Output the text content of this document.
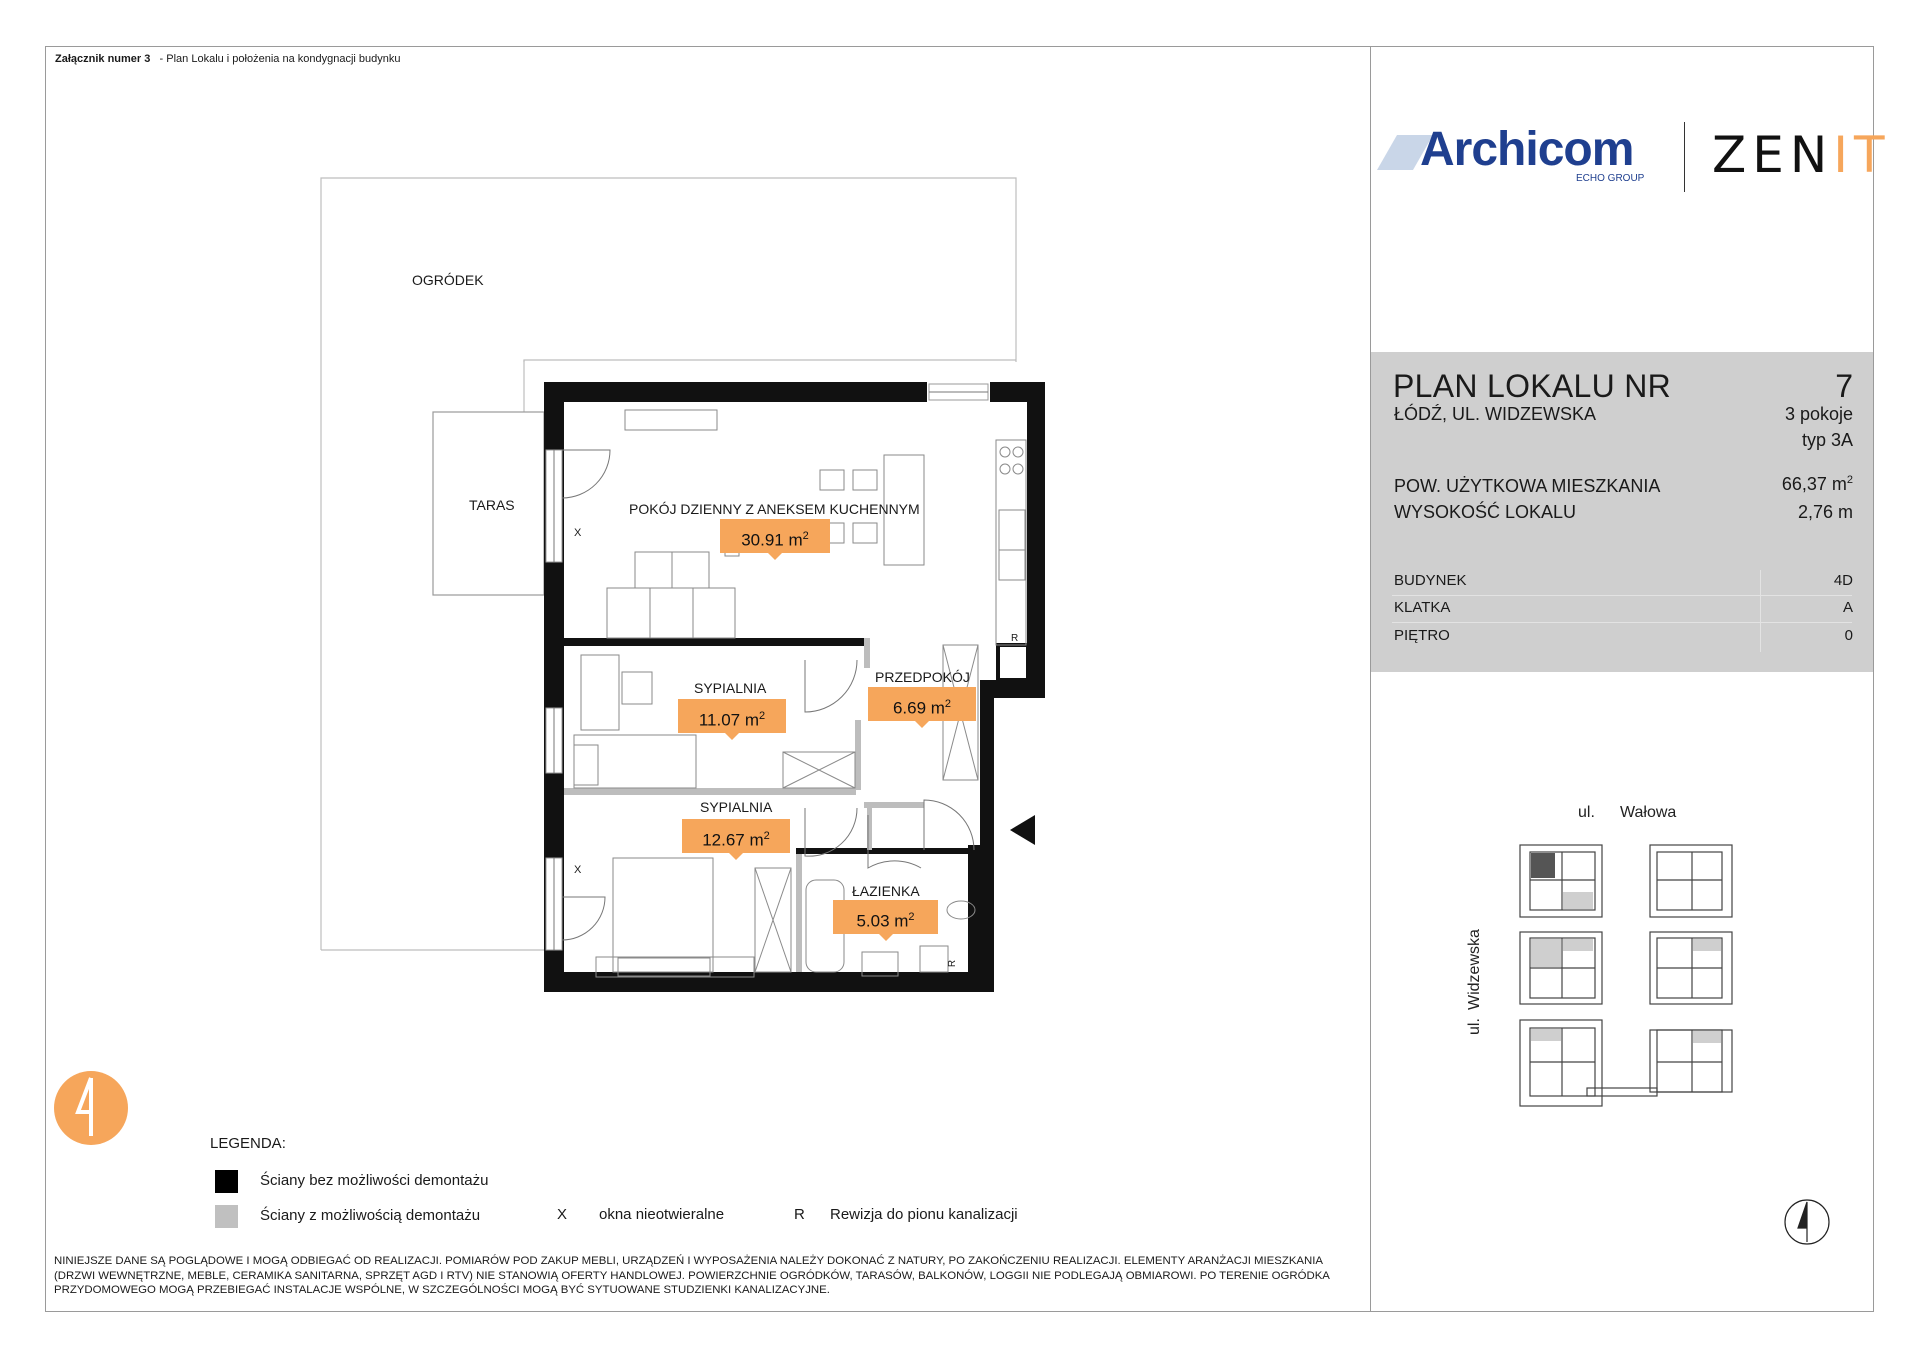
Załącznik numer 3 - Plan Lokalu i położenia na kondygnacji budynku
OGRÓDEK
TARAS	POKÓJ DZIENNY Z ANEKSEM KUCHENNYM
30.91 $m^2$
SYPIALNIA
11.07 $m^2$
PRZEDPOKÓJ
6.69 $m^2$
SYPIALNIA
12.67 $m^2$
ŁAZIENKA
5.03 $m^2$
X
X
R
R
LEGENDA:
Ściany bez możliwości demontażu
Ściany z możliwością demontażu	X okna nieotwieralne	R Rewizja do pionu kanalizacji
NINIEJSZE DANE SĄ POGLĄDOWE I MOGĄ ODBIEGAĆ OD REALIZACJI. POMIARÓW POD ZAKUP MEBLI, URZĄDZEŃ I WYPOSAŻENIA NALEŻY DOKONAĆ Z NATURY, PO ZAKOŃCZENIU REALIZACJI. ELEMENTY ARANŻACJI MIESZKANIA (DRZWI WEWNĘTRZNE, MEBLE, CERAMIKA SANITARNA, SPRZĘT AGD I RTV) NIE STANOWIĄ OFERTY HANDLOWEJ. POWIERZCHNIE OGRÓDKÓW, TARASÓW, BALKONÓW, LOGGII NIE PODLEGAJĄ OBMIAROWI. PO TERENIE OGRÓDKA PRZYDOMOWEGO MOGĄ PRZEBIEGAĆ INSTALACJE WSPÓLNE, W SZCZEGÓLNOŚCI MOGĄ BYĆ SYTUOWANE STUDZIENKI KANALIZACYJNE.
Archicom
ECHO GROUP ZENIT
PLAN LOKALU NR	7
ŁÓDŹ, UL. WIDZEWSKA	3 pokoje
typ 3A
POW. UŻYTKOWA MIESZKANIA	66,37 $m^2$
WYSOKOŚĆ LOKALU	2,76 m
BUDYNEK	4D
KLATKA	A
PIĘTRO	0
ul. Wałowa
ul.
Widzewska
